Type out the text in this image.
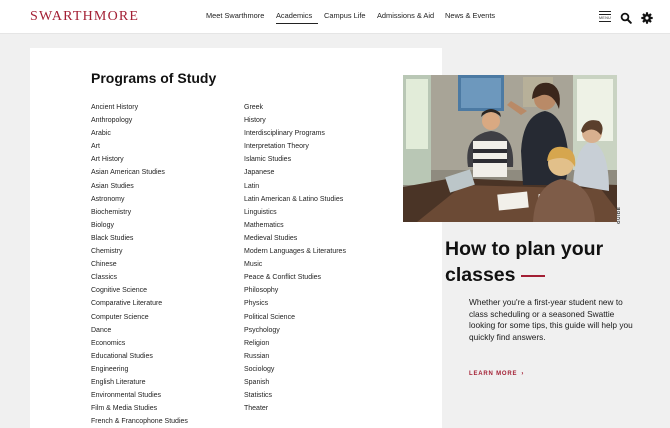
SWARTHMORE	Meet Swarthmore	Academics	Campus Life	Admissions & Aid	News & Events	MENU
Programs of Study
Ancient History
Anthropology
Arabic
Art
Art History
Asian American Studies
Asian Studies
Astronomy
Biochemistry
Biology
Black Studies
Chemistry
Chinese
Classics
Cognitive Science
Comparative Literature
Computer Science
Dance
Economics
Educational Studies
Engineering
English Literature
Environmental Studies
Film & Media Studies
French & Francophone Studies
Greek
History
Interdisciplinary Programs
Interpretation Theory
Islamic Studies
Japanese
Latin
Latin American & Latino Studies
Linguistics
Mathematics
Medieval Studies
Modern Languages & Literatures
Music
Peace & Conflict Studies
Philosophy
Physics
Political Science
Psychology
Religion
Russian
Sociology
Spanish
Statistics
Theater
GUIDE
How to plan your
classes

Whether you're a first-year student new to class scheduling or a seasoned Swattie looking for some tips, this guide will help you quickly find answers.

LEARN MORE ›
